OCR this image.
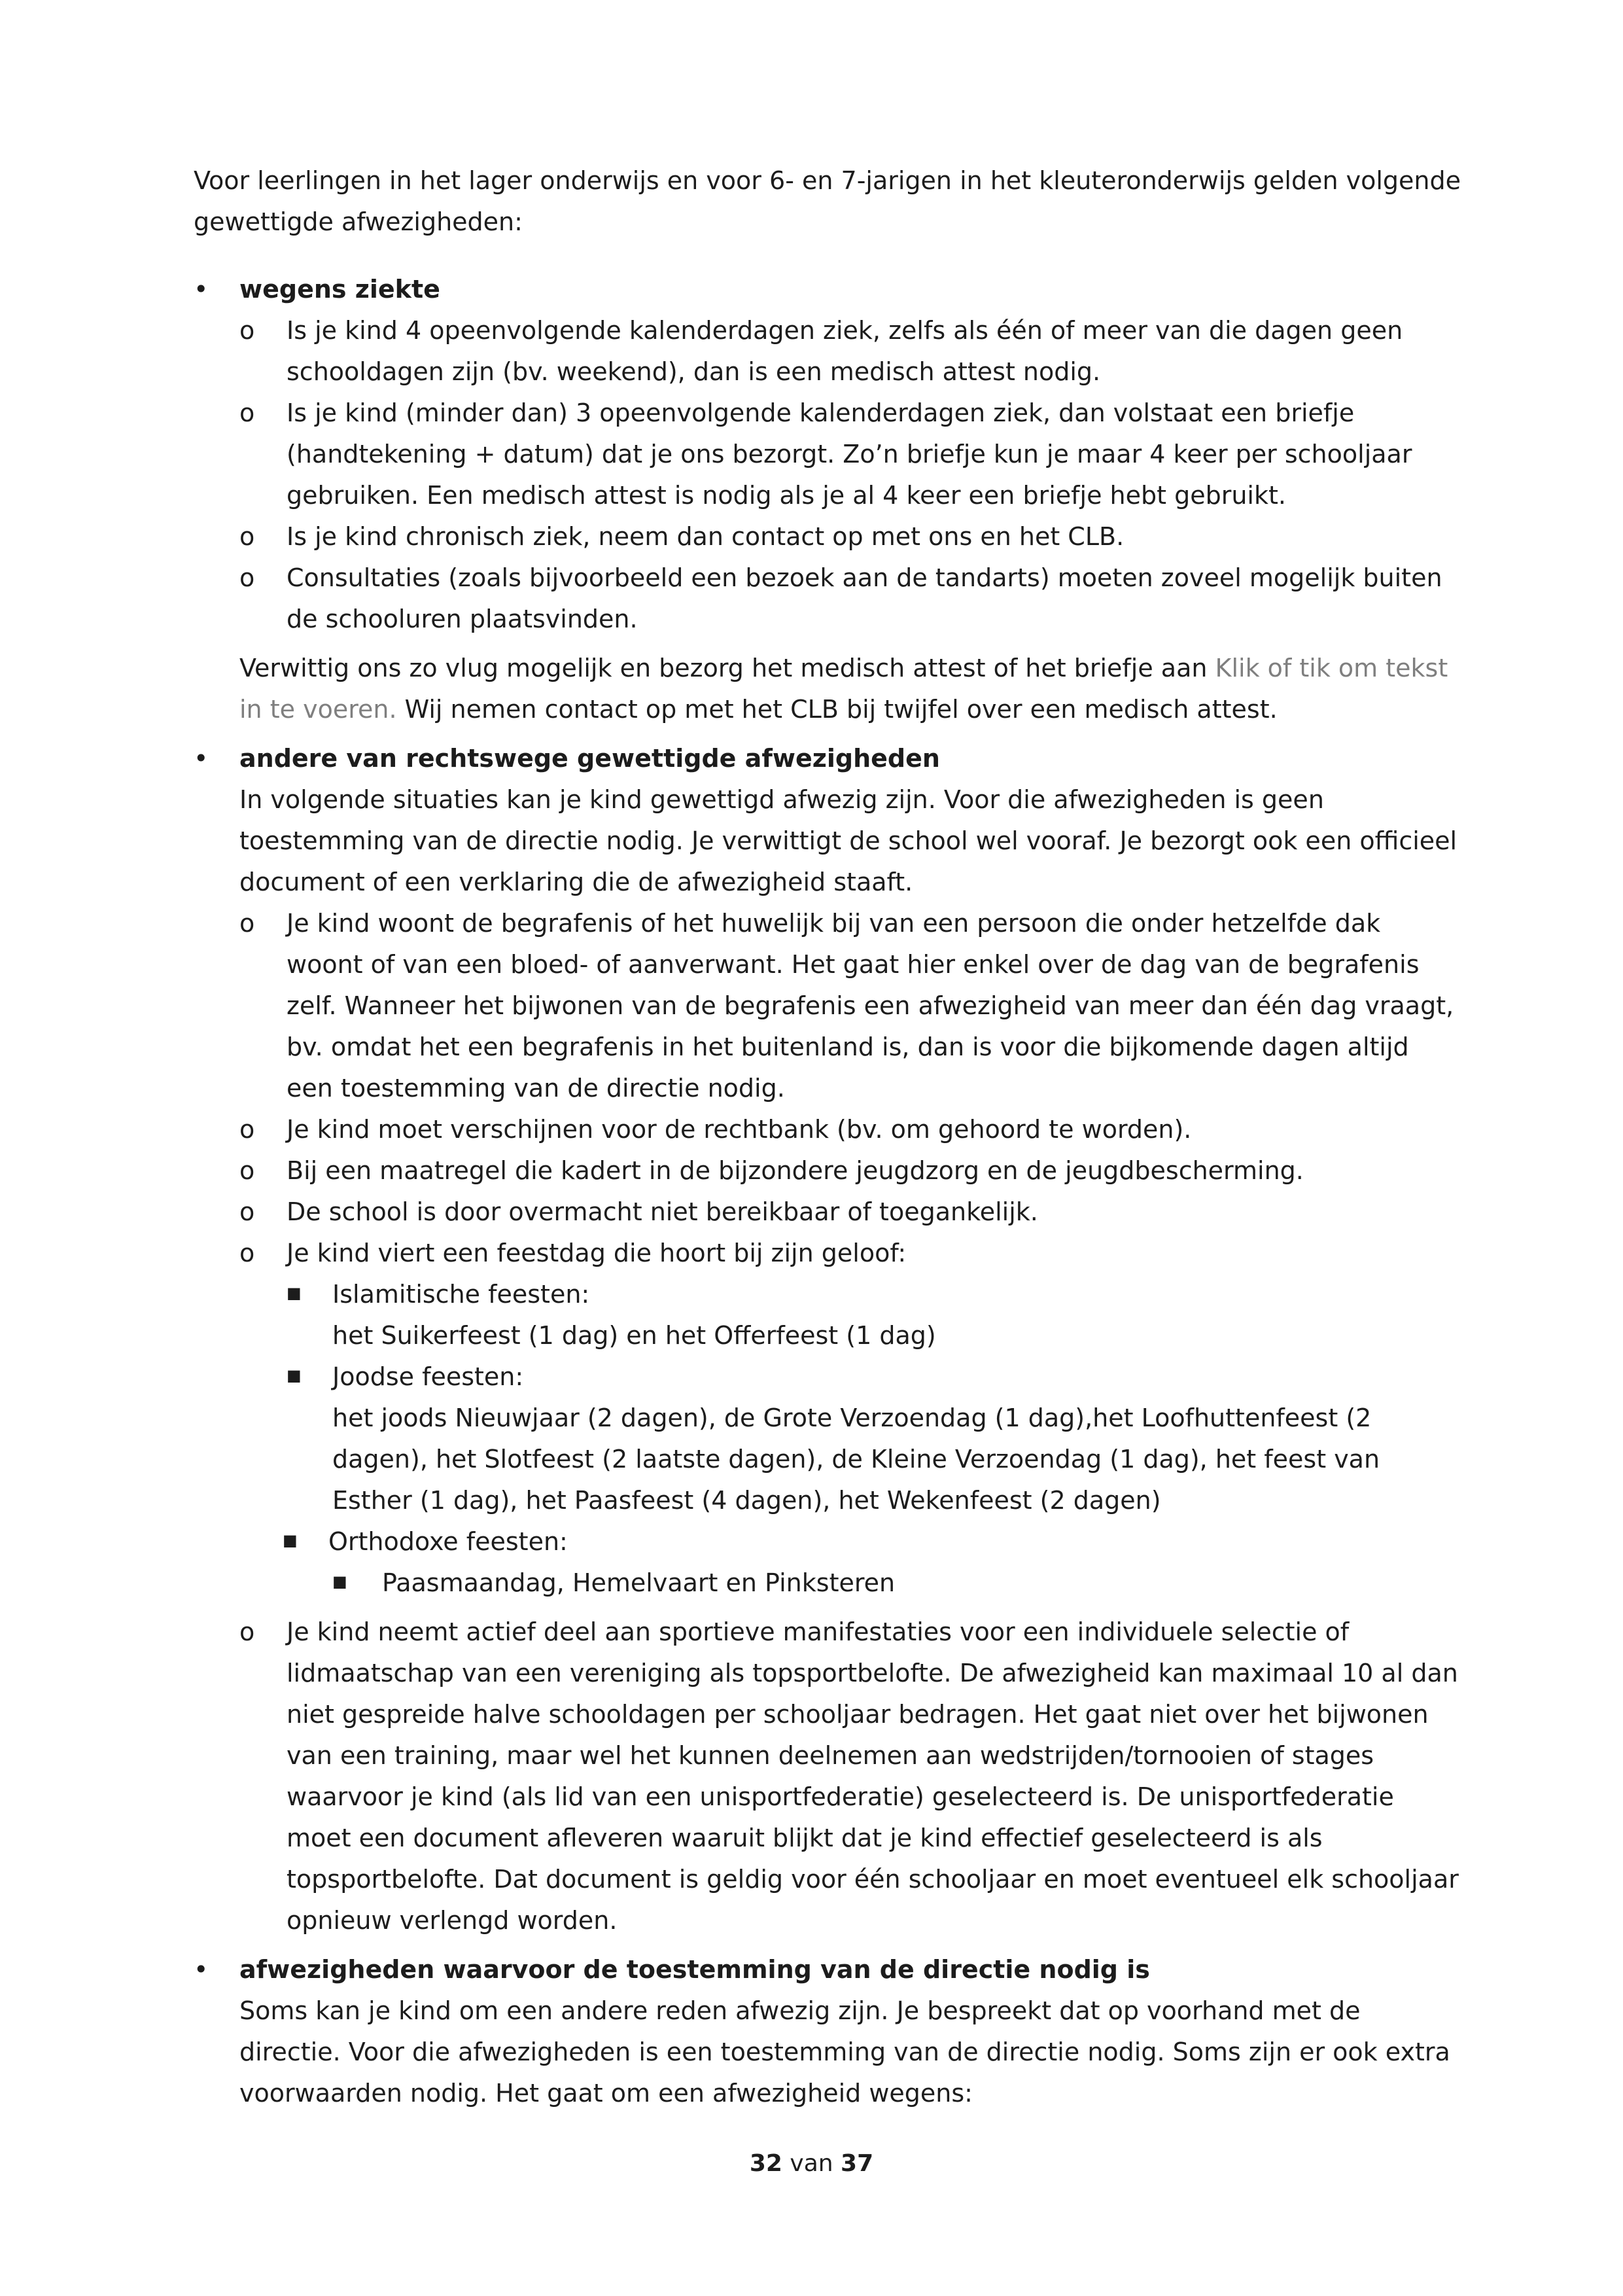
Voor leerlingen in het lager onderwijs en voor 6- en 7-jarigen in het kleuteronderwijs gelden volgende gewettigde afwezigheden:

• wegens ziekte
o Is je kind 4 opeenvolgende kalenderdagen ziek, zelfs als één of meer van die dagen geen schooldagen zijn (bv. weekend), dan is een medisch attest nodig.
o Is je kind (minder dan) 3 opeenvolgende kalenderdagen ziek, dan volstaat een briefje (handtekening + datum) dat je ons bezorgt. Zo’n briefje kun je maar 4 keer per schooljaar gebruiken. Een medisch attest is nodig als je al 4 keer een briefje hebt gebruikt.
o Is je kind chronisch ziek, neem dan contact op met ons en het CLB.
o Consultaties (zoals bijvoorbeeld een bezoek aan de tandarts) moeten zoveel mogelijk buiten de schooluren plaatsvinden.

Verwittig ons zo vlug mogelijk en bezorg het medisch attest of het briefje aan Klik of tik om tekst in te voeren. Wij nemen contact op met het CLB bij twijfel over een medisch attest.

• andere van rechtswege gewettigde afwezigheden

In volgende situaties kan je kind gewettigd afwezig zijn. Voor die afwezigheden is geen toestemming van de directie nodig. Je verwittigt de school wel vooraf. Je bezorgt ook een officieel document of een verklaring die de afwezigheid staaft.

o Je kind woont de begrafenis of het huwelijk bij van een persoon die onder hetzelfde dak woont of van een bloed- of aanverwant. Het gaat hier enkel over de dag van de begrafenis zelf. Wanneer het bijwonen van de begrafenis een afwezigheid van meer dan één dag vraagt, bv. omdat het een begrafenis in het buitenland is, dan is voor die bijkomende dagen altijd een toestemming van de directie nodig.
o Je kind moet verschijnen voor de rechtbank (bv. om gehoord te worden).
o Bij een maatregel die kadert in de bijzondere jeugdzorg en de jeugdbescherming.
o De school is door overmacht niet bereikbaar of toegankelijk.
o Je kind viert een feestdag die hoort bij zijn geloof:
■ Islamitische feesten:
het Suikerfeest (1 dag) en het Offerfeest (1 dag)
■ Joodse feesten:
het joods Nieuwjaar (2 dagen), de Grote Verzoendag (1 dag),het Loofhuttenfeest (2 dagen), het Slotfeest (2 laatste dagen), de Kleine Verzoendag (1 dag), het feest van Esther (1 dag), het Paasfeest (4 dagen), het Wekenfeest (2 dagen)
■ Orthodoxe feesten:
■ Paasmaandag, Hemelvaart en Pinksteren
o Je kind neemt actief deel aan sportieve manifestaties voor een individuele selectie of lidmaatschap van een vereniging als topsportbelofte. De afwezigheid kan maximaal 10 al dan niet gespreide halve schooldagen per schooljaar bedragen. Het gaat niet over het bijwonen van een training, maar wel het kunnen deelnemen aan wedstrijden/tornooien of stages waarvoor je kind (als lid van een unisportfederatie) geselecteerd is. De unisportfederatie moet een document afleveren waaruit blijkt dat je kind effectief geselecteerd is als topsportbelofte. Dat document is geldig voor één schooljaar en moet eventueel elk schooljaar opnieuw verlengd worden.
• afwezigheden waarvoor de toestemming van de directie nodig is

Soms kan je kind om een andere reden afwezig zijn. Je bespreekt dat op voorhand met de directie. Voor die afwezigheden is een toestemming van de directie nodig. Soms zijn er ook extra voorwaarden nodig. Het gaat om een afwezigheid wegens:

32 van 37
